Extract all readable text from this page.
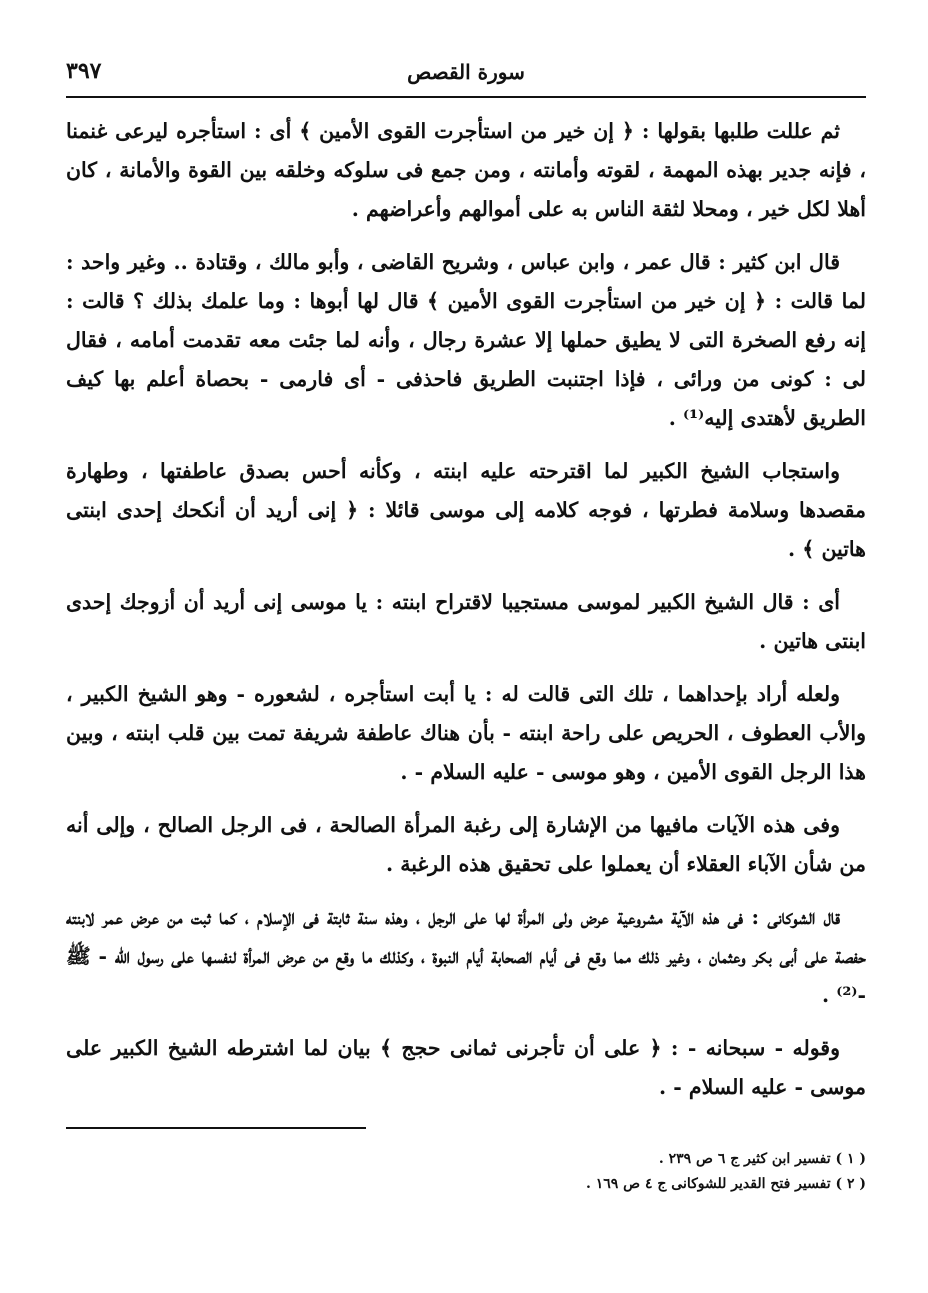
٣٩٧	سورة القصص

ثم عللت طلبها بقولها : ﴿ إن خير من استأجرت القوى الأمين ﴾ أى : استأجره ليرعى غنمنا ، فإنه جدير بهذه المهمة ، لقوته وأمانته ، ومن جمع فى سلوكه وخلقه بين القوة والأمانة ، كان أهلا لكل خير ، ومحلا لثقة الناس به على أموالهم وأعراضهم .

قال ابن كثير : قال عمر ، وابن عباس ، وشريح القاضى ، وأبو مالك ، وقتادة .. وغير واحد : لما قالت : ﴿ إن خير من استأجرت القوى الأمين ﴾ قال لها أبوها : وما علمك بذلك ؟ قالت : إنه رفع الصخرة التى لا يطيق حملها إلا عشرة رجال ، وأنه لما جئت معه تقدمت أمامه ، فقال لى : كونى من ورائى ، فإذا اجتنبت الطريق فاحذفى - أى فارمى - بحصاة أعلم بها كيف الطريق لأهتدى إليه⁽¹⁾ .

واستجاب الشيخ الكبير لما اقترحته عليه ابنته ، وكأنه أحس بصدق عاطفتها ، وطهارة مقصدها وسلامة فطرتها ، فوجه كلامه إلى موسى قائلا : ﴿ إنى أريد أن أنكحك إحدى ابنتى هاتين ﴾ .

أى : قال الشيخ الكبير لموسى مستجيبا لاقتراح ابنته : يا موسى إنى أريد أن أزوجك إحدى ابنتى هاتين .

ولعله أراد بإحداهما ، تلك التى قالت له : يا أبت استأجره ، لشعوره - وهو الشيخ الكبير ، والأب العطوف ، الحريص على راحة ابنته - بأن هناك عاطفة شريفة تمت بين قلب ابنته ، وبين هذا الرجل القوى الأمين ، وهو موسى - عليه السلام - .

وفى هذه الآيات مافيها من الإشارة إلى رغبة المرأة الصالحة ، فى الرجل الصالح ، وإلى أنه من شأن الآباء العقلاء أن يعملوا على تحقيق هذه الرغبة .

قال الشوكانى : فى هذه الآية مشروعية عرض ولى المرأة لها على الرجل ، وهذه سنة ثابتة فى الإسلام ، كما ثبت من عرض عمر لابنته حفصة على أبى بكر وعثمان ، وغير ذلك مما وقع فى أيام الصحابة أيام النبوة ، وكذلك ما وقع من عرض المرأة لنفسها على رسول الله - ﷺ -⁽²⁾ .

وقوله - سبحانه - : ﴿ على أن تأجرنى ثمانى حجج ﴾ بيان لما اشترطه الشيخ الكبير على موسى - عليه السلام - .

( ١ ) تفسير ابن كثير ج ٦ ص ٢٣٩ .

( ٢ ) تفسير فتح القدير للشوكانى ج ٤ ص ١٦٩ .
